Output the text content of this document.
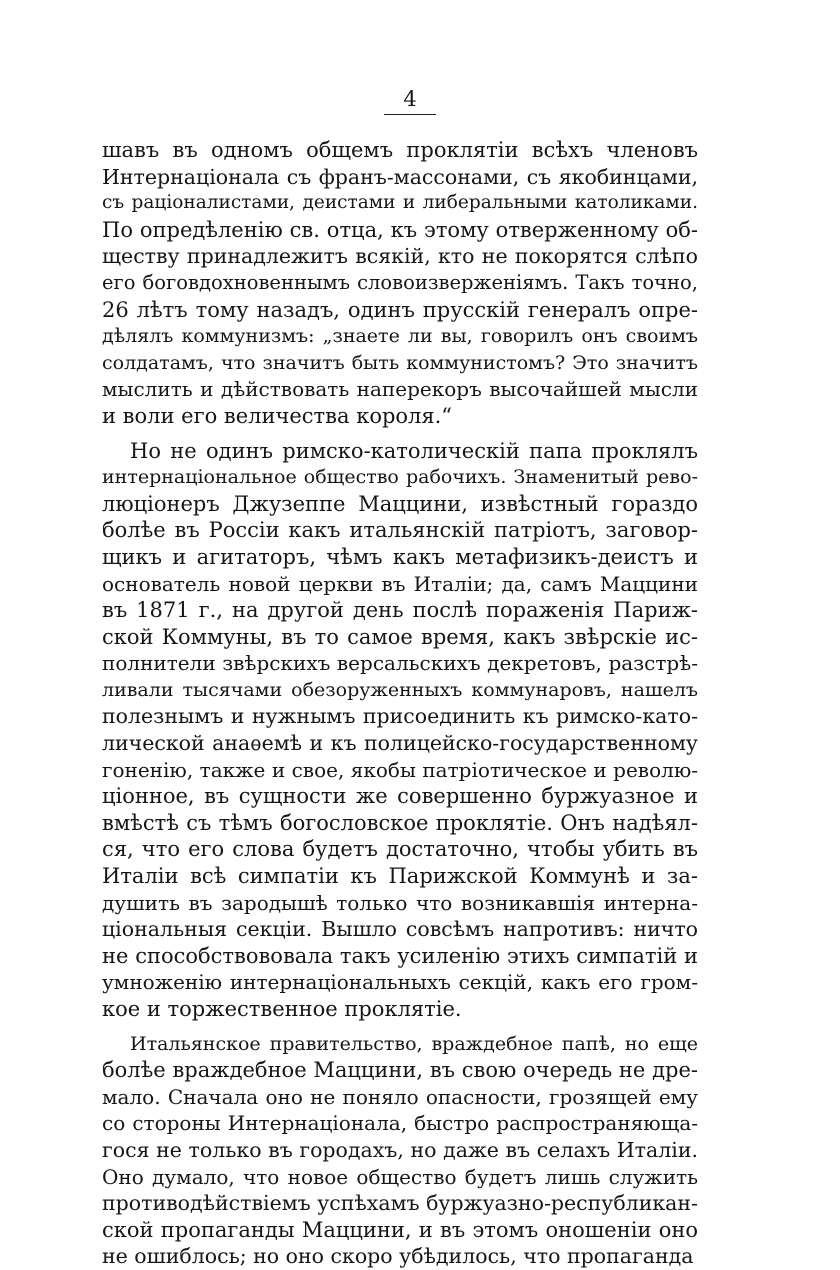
4
шавъ въ одномъ общемъ проклятіи всѣхъ членовъ
Интернаціонала съ франъ-массонами, съ якобинцами,
съ раціоналистами, деистами и либеральными католиками.
По опредѣленію св. отца, къ этому отверженному об-
ществу принадлежитъ всякій, кто не покорятся слѣпо
его боговдохновеннымъ словоизверженіямъ. Такъ точно,
26 лѣтъ тому назадъ, одинъ прусскій генералъ опре-
дѣлялъ коммунизмъ: „знаете ли вы, говорилъ онъ своимъ
солдатамъ, что значитъ быть коммунистомъ? Это значитъ
мыслить и дѣйствовать наперекоръ высочайшей мысли
и воли его величества короля.“
Но не одинъ римско-католическій папа проклялъ
интернаціональное общество рабочихъ. Знаменитый рево-
люціонеръ Джузеппе Маццини, извѣстный гораздо
болѣе въ Россіи какъ итальянскій патріотъ, заговор-
щикъ и агитаторъ, чѣмъ какъ метафизикъ-деистъ и
основатель новой церкви въ Италіи; да, самъ Маццини
въ 1871 г., на другой день послѣ пораженія Париж-
ской Коммуны, въ то самое время, какъ звѣрскіе ис-
полнители звѣрскихъ версальскихъ декретовъ, разстрѣ-
ливали тысячами обезоруженныхъ коммунаровъ, нашелъ
полезнымъ и нужнымъ присоединить къ римско-като-
лической анаѳемѣ и къ полицейско-государственному
гоненію, также и свое, якобы патріотическое и револю-
ціонное, въ сущности же совершенно буржуазное и
вмѣстѣ съ тѣмъ богословское проклятіе. Онъ надѣял-
ся, что его слова будетъ достаточно, чтобы убить въ
Италіи всѣ симпатіи къ Парижской Коммунѣ и за-
душить въ зародышѣ только что возникавшія интерна-
ціональныя секціи. Вышло совсѣмъ напротивъ: ничто
не способствововала такъ усиленію этихъ симпатій и
умноженію интернаціональныхъ секцій, какъ его гром-
кое и торжественное проклятіе.
Итальянское правительство, враждебное папѣ, но еще
болѣе враждебное Маццини, въ свою очередь не дре-
мало. Сначала оно не поняло опасности, грозящей ему
со стороны Интернаціонала, быстро распространяюща-
гося не только въ городахъ, но даже въ селахъ Италіи.
Оно думало, что новое общество будетъ лишь служить
противодѣйствіемъ успѣхамъ буржуазно-республикан-
ской пропаганды Маццини, и въ этомъ оношеніи оно
не ошиблось; но оно скоро убѣдилось, что пропаганда
